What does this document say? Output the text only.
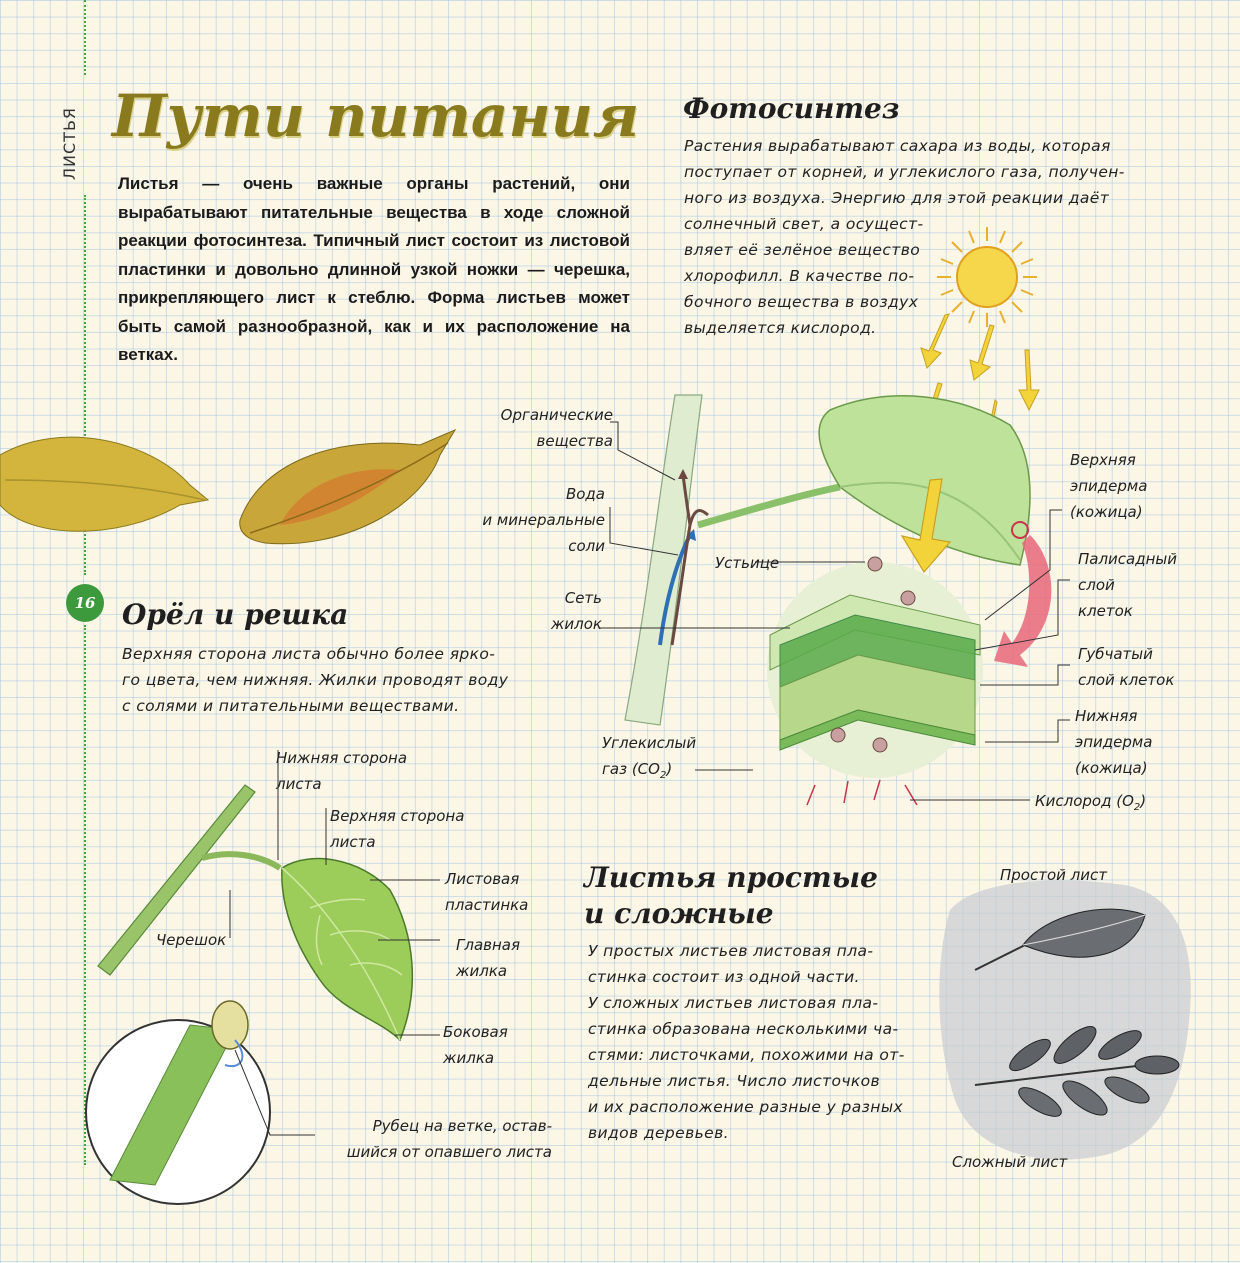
ЛИСТЬЯ
16
Пути питания
Листья — очень важные органы растений, они вырабатывают питательные вещества в ходе сложной реакции фотосинтеза. Типичный лист состоит из листовой пластинки и довольно длинной узкой ножки — черешка, прикрепляющего лист к стеблю. Форма листьев может быть самой разнообразной, как и их расположение на ветках.
Фотосинтез
Растения вырабатывают сахара из воды, которая
поступает от корней, и углекислого газа, получен-
ного из воздуха. Энергию для этой реакции даёт
солнечный свет, а осущест-
вляет её зелёное вещество
хлорофилл. В качестве по-
бочного вещества в воздух
выделяется кислород.
Органические
вещества
Вода
и минеральные
соли
Сеть
жилок
Устьице
Углекислый
газ $(CO_2)$
Верхняя
эпидерма
(кожица)
Палисадный
слой
клеток
Губчатый
слой клеток
Нижняя
эпидерма
(кожица)
Кислород $(O_2)$
Орёл и решка
Верхняя сторона листа обычно более ярко-
го цвета, чем нижняя. Жилки проводят воду
с солями и питательными веществами.
Нижняя сторона
листа
Верхняя сторона
листа
Листовая
пластинка
Главная
жилка
Боковая
жилка
Черешок
Рубец на ветке, остав-
шийся от опавшего листа
Листья простые
и сложные
У простых листьев листовая пла-
стинка состоит из одной части.
У сложных листьев листовая пла-
стинка образована несколькими ча-
стями: листочками, похожими на от-
дельные листья. Число листочков
и их расположение разные у разных
видов деревьев.
Простой лист
Сложный лист
